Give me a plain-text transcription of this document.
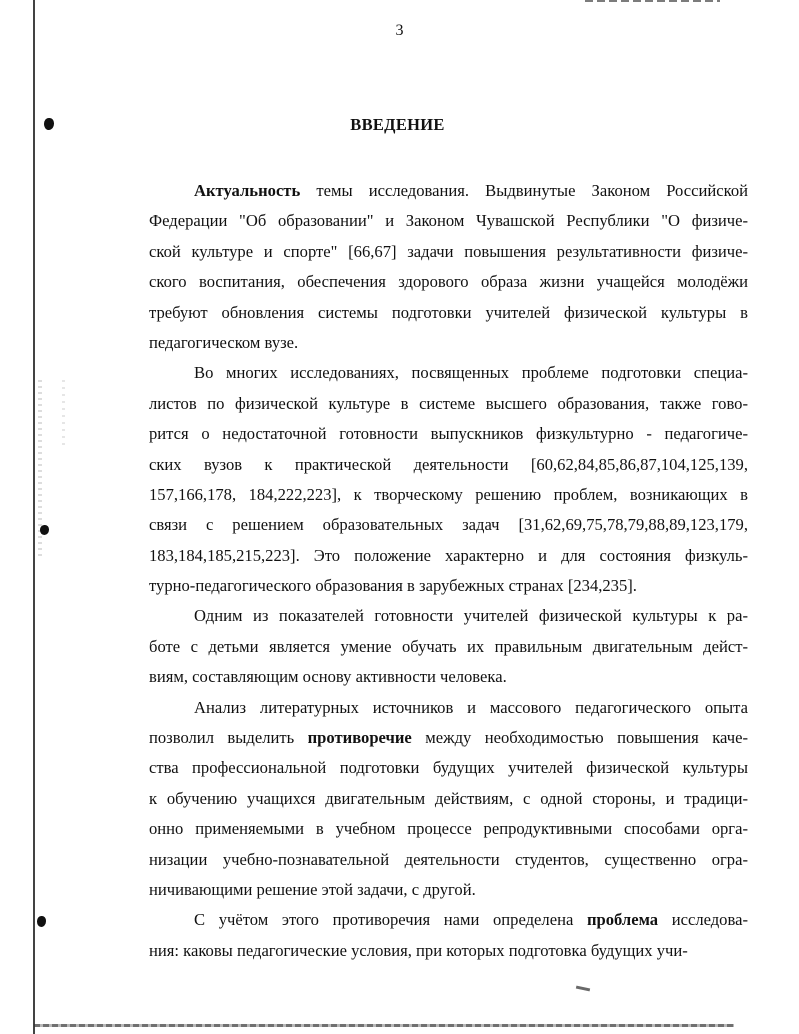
3
ВВЕДЕНИЕ
Актуальность темы исследования. Выдвинутые Законом Российской
Федерации "Об образовании" и Законом Чувашской Республики "О физиче-
ской культуре и спорте" [66,67] задачи повышения результативности физиче-
ского воспитания, обеспечения здорового образа жизни учащейся молодёжи
требуют обновления системы подготовки учителей физической культуры в
педагогическом вузе.
Во многих исследованиях, посвященных проблеме подготовки специа-
листов по физической культуре в системе высшего образования, также гово-
рится о недостаточной готовности выпускников физкультурно - педагогиче-
ских вузов к практической деятельности [60,62,84,85,86,87,104,125,139,
157,166,178, 184,222,223], к творческому решению проблем, возникающих в
связи с решением образовательных задач [31,62,69,75,78,79,88,89,123,179,
183,184,185,215,223]. Это положение характерно и для состояния физкуль-
турно-педагогического образования в зарубежных странах [234,235].
Одним из показателей готовности учителей физической культуры к ра-
боте с детьми является умение обучать их правильным двигательным дейст-
виям, составляющим основу активности человека.
Анализ литературных источников и массового педагогического опыта
позволил выделить противоречие между необходимостью повышения каче-
ства профессиональной подготовки будущих учителей физической культуры
к обучению учащихся двигательным действиям, с одной стороны, и традици-
онно применяемыми в учебном процессе репродуктивными способами орга-
низации учебно-познавательной деятельности студентов, существенно огра-
ничивающими решение этой задачи, с другой.
С учётом этого противоречия нами определена проблема исследова-
ния: каковы педагогические условия, при которых подготовка будущих учи-
